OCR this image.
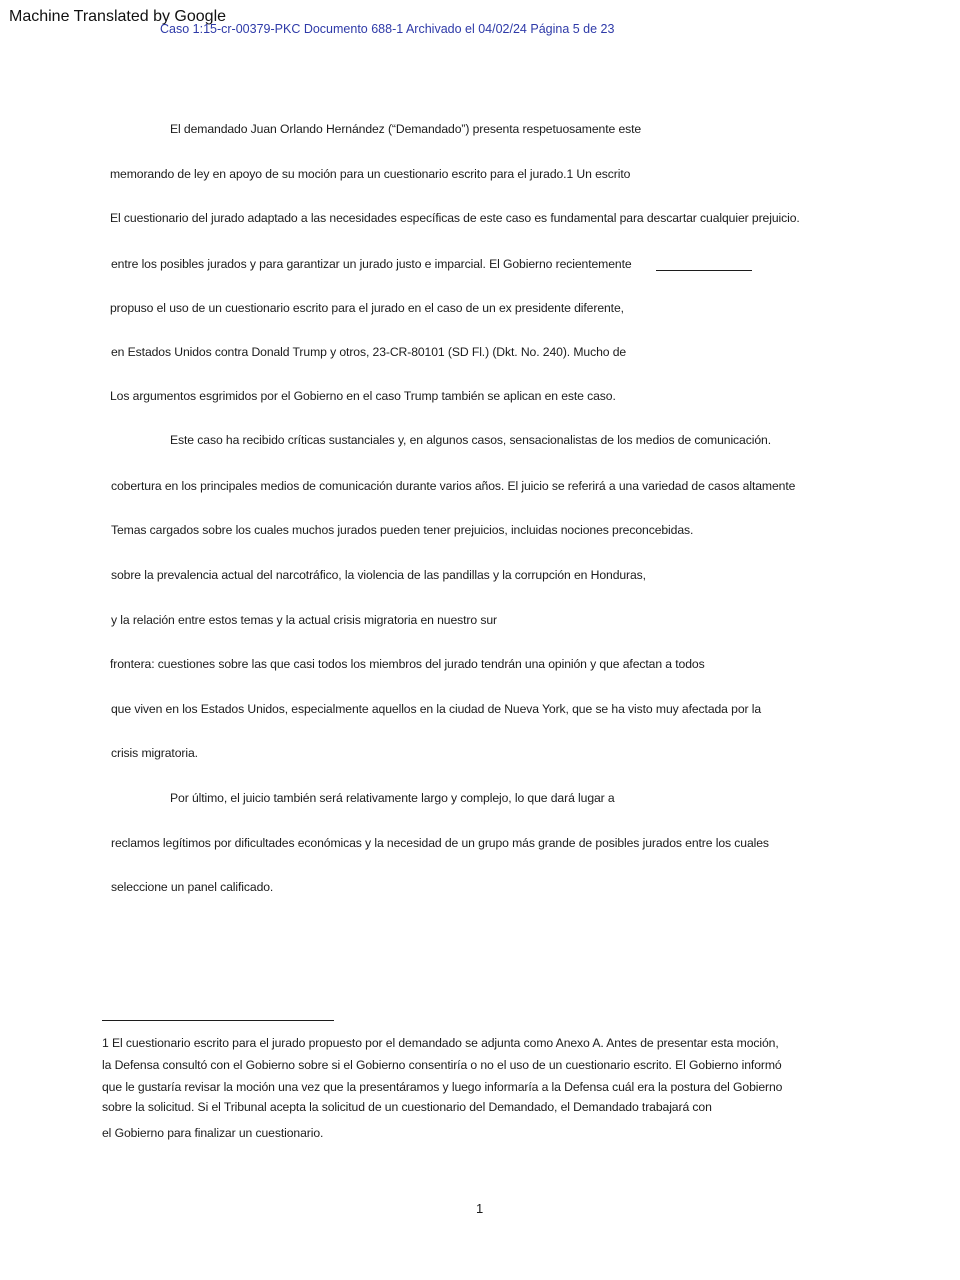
Machine Translated by Google
Caso 1:15-cr-00379-PKC Documento 688-1 Archivado el 04/02/24 Página 5 de 23
El demandado Juan Orlando Hernández (“Demandado”) presenta respetuosamente este
memorando de ley en apoyo de su moción para un cuestionario escrito para el jurado.1 Un escrito
El cuestionario del jurado adaptado a las necesidades específicas de este caso es fundamental para descartar cualquier prejuicio.
entre los posibles jurados y para garantizar un jurado justo e imparcial. El Gobierno recientemente
propuso el uso de un cuestionario escrito para el jurado en el caso de un ex presidente diferente,
en Estados Unidos contra Donald Trump y otros, 23-CR-80101 (SD Fl.) (Dkt. No. 240). Mucho de
Los argumentos esgrimidos por el Gobierno en el caso Trump también se aplican en este caso.
Este caso ha recibido críticas sustanciales y, en algunos casos, sensacionalistas de los medios de comunicación.
cobertura en los principales medios de comunicación durante varios años. El juicio se referirá a una variedad de casos altamente
Temas cargados sobre los cuales muchos jurados pueden tener prejuicios, incluidas nociones preconcebidas.
sobre la prevalencia actual del narcotráfico, la violencia de las pandillas y la corrupción en Honduras,
y la relación entre estos temas y la actual crisis migratoria en nuestro sur
frontera: cuestiones sobre las que casi todos los miembros del jurado tendrán una opinión y que afectan a todos
que viven en los Estados Unidos, especialmente aquellos en la ciudad de Nueva York, que se ha visto muy afectada por la
crisis migratoria.
Por último, el juicio también será relativamente largo y complejo, lo que dará lugar a
reclamos legítimos por dificultades económicas y la necesidad de un grupo más grande de posibles jurados entre los cuales
seleccione un panel calificado.
1 El cuestionario escrito para el jurado propuesto por el demandado se adjunta como Anexo A. Antes de presentar esta moción,
la Defensa consultó con el Gobierno sobre si el Gobierno consentiría o no el uso de un cuestionario escrito. El Gobierno informó
que le gustaría revisar la moción una vez que la presentáramos y luego informaría a la Defensa cuál era la postura del Gobierno
sobre la solicitud. Si el Tribunal acepta la solicitud de un cuestionario del Demandado, el Demandado trabajará con
el Gobierno para finalizar un cuestionario.
1
